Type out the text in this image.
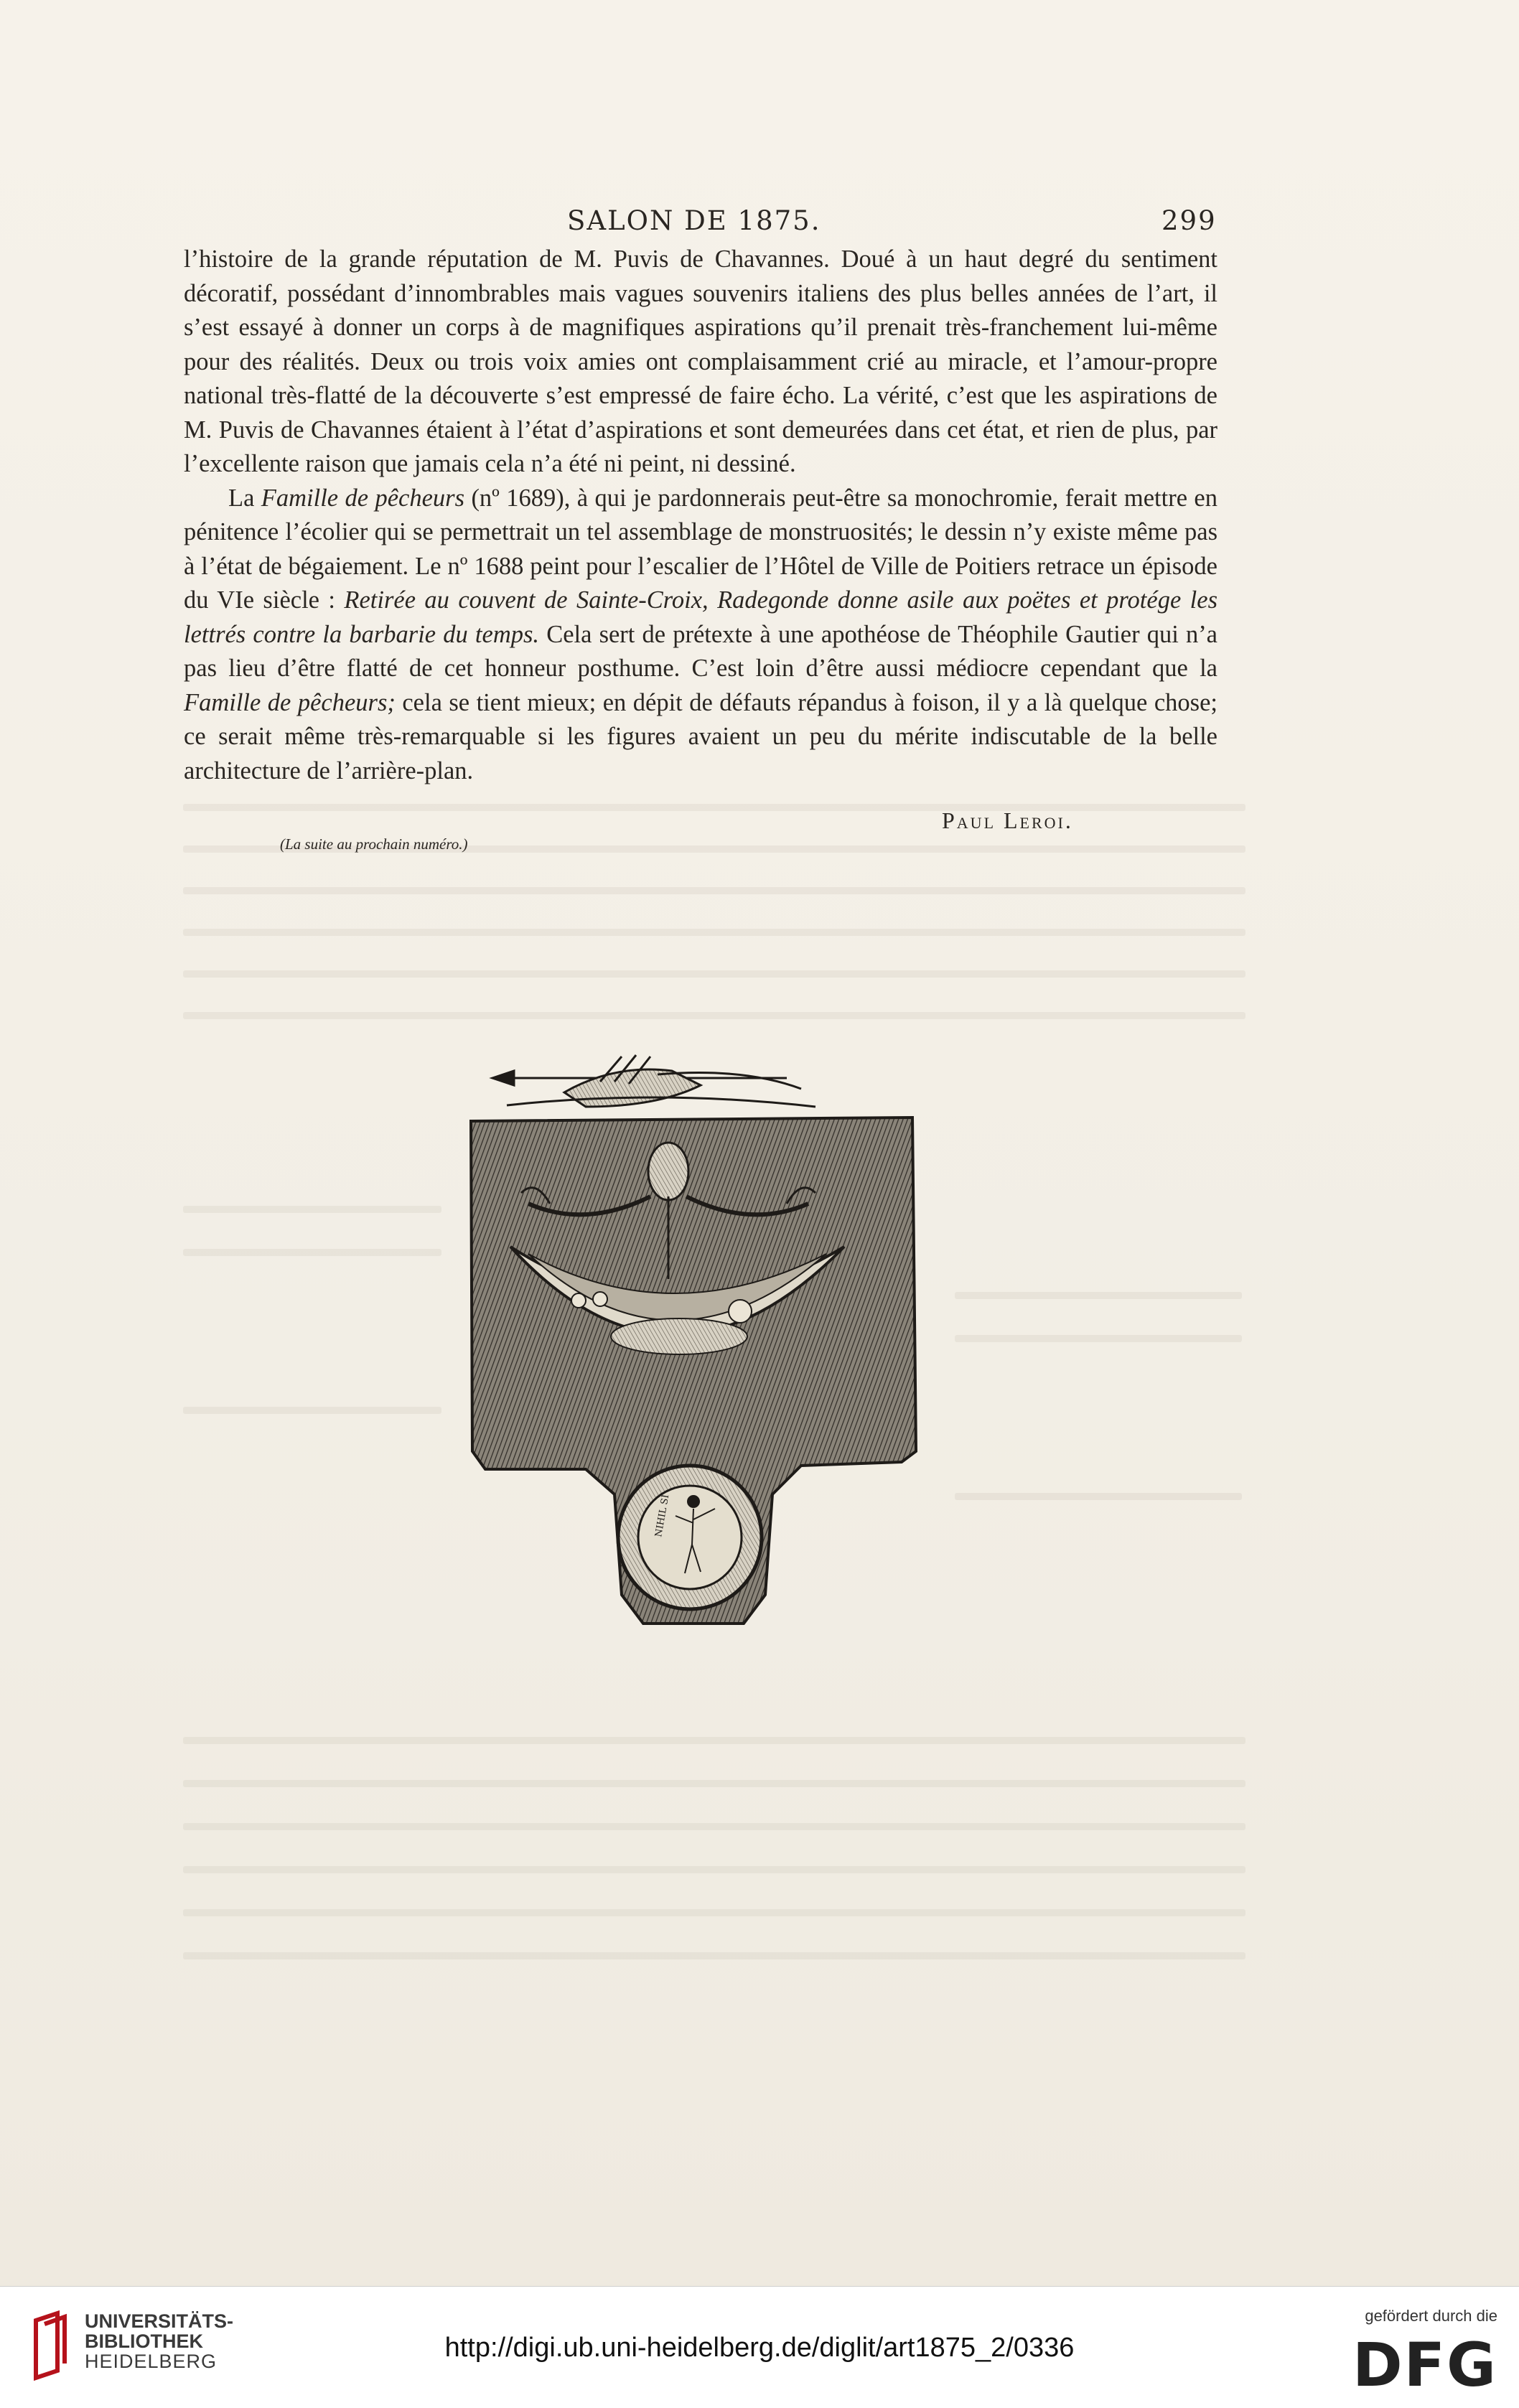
SALON DE 1875.	299

l’histoire de la grande réputation de M. Puvis de Chavannes. Doué à un haut degré du sentiment décoratif, possédant d’innombrables mais vagues souvenirs italiens des plus belles années de l’art, il s’est essayé à donner un corps à de magnifiques aspirations qu’il prenait très-franchement lui-même pour des réalités. Deux ou trois voix amies ont complaisamment crié au miracle, et l’amour-propre national très-flatté de la découverte s’est empressé de faire écho. La vérité, c’est que les aspirations de M. Puvis de Chavannes étaient à l’état d’aspirations et sont demeurées dans cet état, et rien de plus, par l’excellente raison que jamais cela n’a été ni peint, ni dessiné.

La Famille de pêcheurs (nº 1689), à qui je pardonnerais peut-être sa monochromie, ferait mettre en pénitence l’écolier qui se permettrait un tel assemblage de monstruosités; le dessin n’y existe même pas à l’état de bégaiement. Le nº 1688 peint pour l’escalier de l’Hôtel de Ville de Poitiers retrace un épisode du VIe siècle : Retirée au couvent de Sainte-Croix, Radegonde donne asile aux poëtes et protége les lettrés contre la barbarie du temps. Cela sert de prétexte à une apothéose de Théophile Gautier qui n’a pas lieu d’être flatté de cet honneur posthume. C’est loin d’être aussi médiocre cependant que la Famille de pêcheurs; cela se tient mieux; en dépit de défauts répandus à foison, il y a là quelque chose; ce serait même très-remarquable si les figures avaient un peu du mérite indiscutable de la belle architecture de l’arrière-plan.

Paul Leroi.
(La suite au prochain numéro.)
NIHIL SI
UNIVERSITÄTS-
BIBLIOTHEK
HEIDELBERG	http://digi.ub.uni-heidelberg.de/diglit/art1875_2/0336
gefördert durch die
DFG
